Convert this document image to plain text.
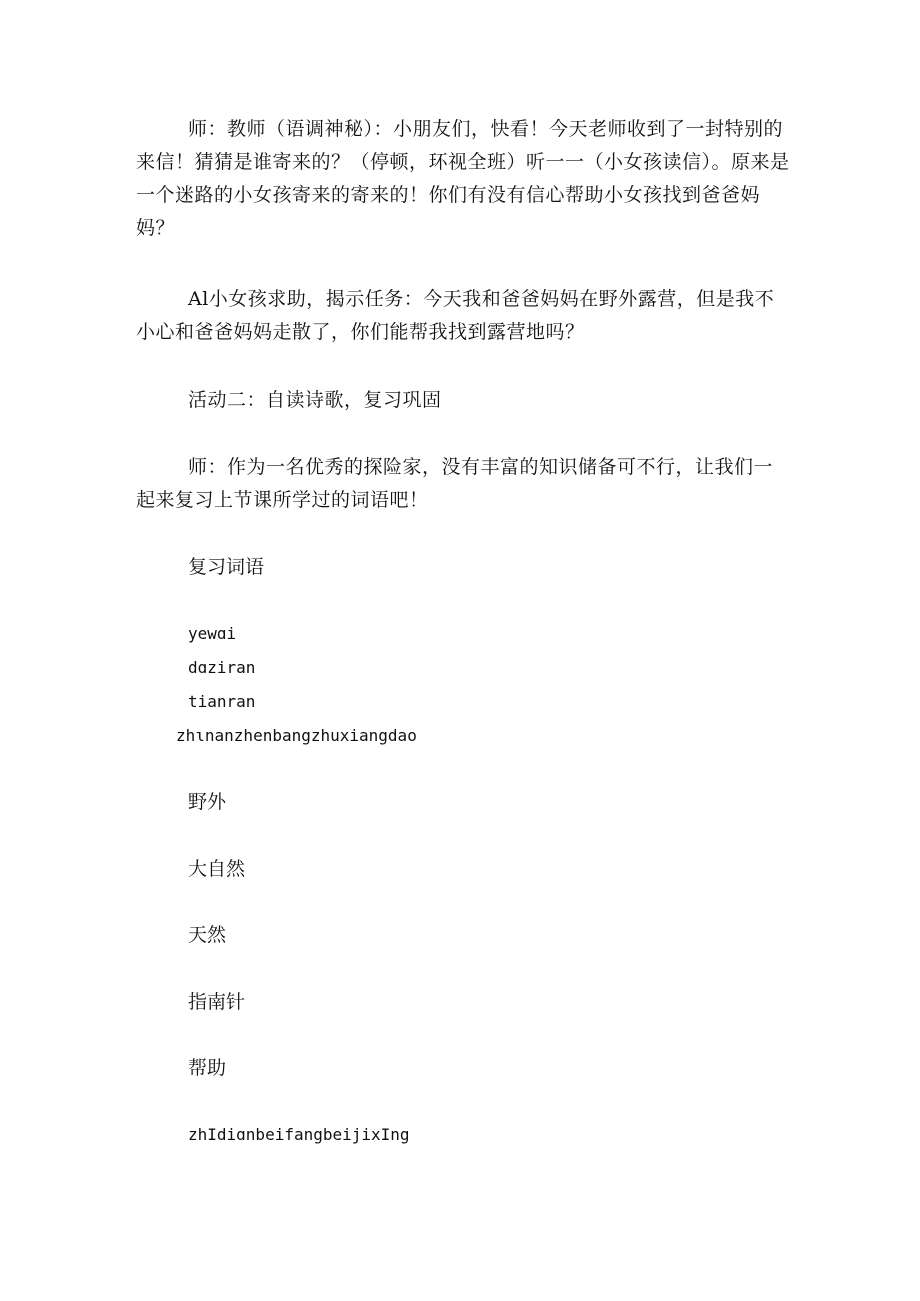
师：教师（语调神秘）：小朋友们，快看！今天老师收到了一封特别的来信！猜猜是谁寄来的？（停顿，环视全班）听一一（小女孩读信）。原来是一个迷路的小女孩寄来的寄来的！你们有没有信心帮助小女孩找到爸爸妈妈？

Al小女孩求助，揭示任务：今天我和爸爸妈妈在野外露营，但是我不小心和爸爸妈妈走散了，你们能帮我找到露营地吗？

活动二：自读诗歌，复习巩固

师：作为一名优秀的探险家，没有丰富的知识储备可不行，让我们一起来复习上节课所学过的词语吧！

复习词语

yewɑi

dɑziran

tianran

zhɩnanzhenbangzhuxiangdao

野外

大自然

天然

指南针

帮助

zhIdiɑnbeifangbeijixIng
